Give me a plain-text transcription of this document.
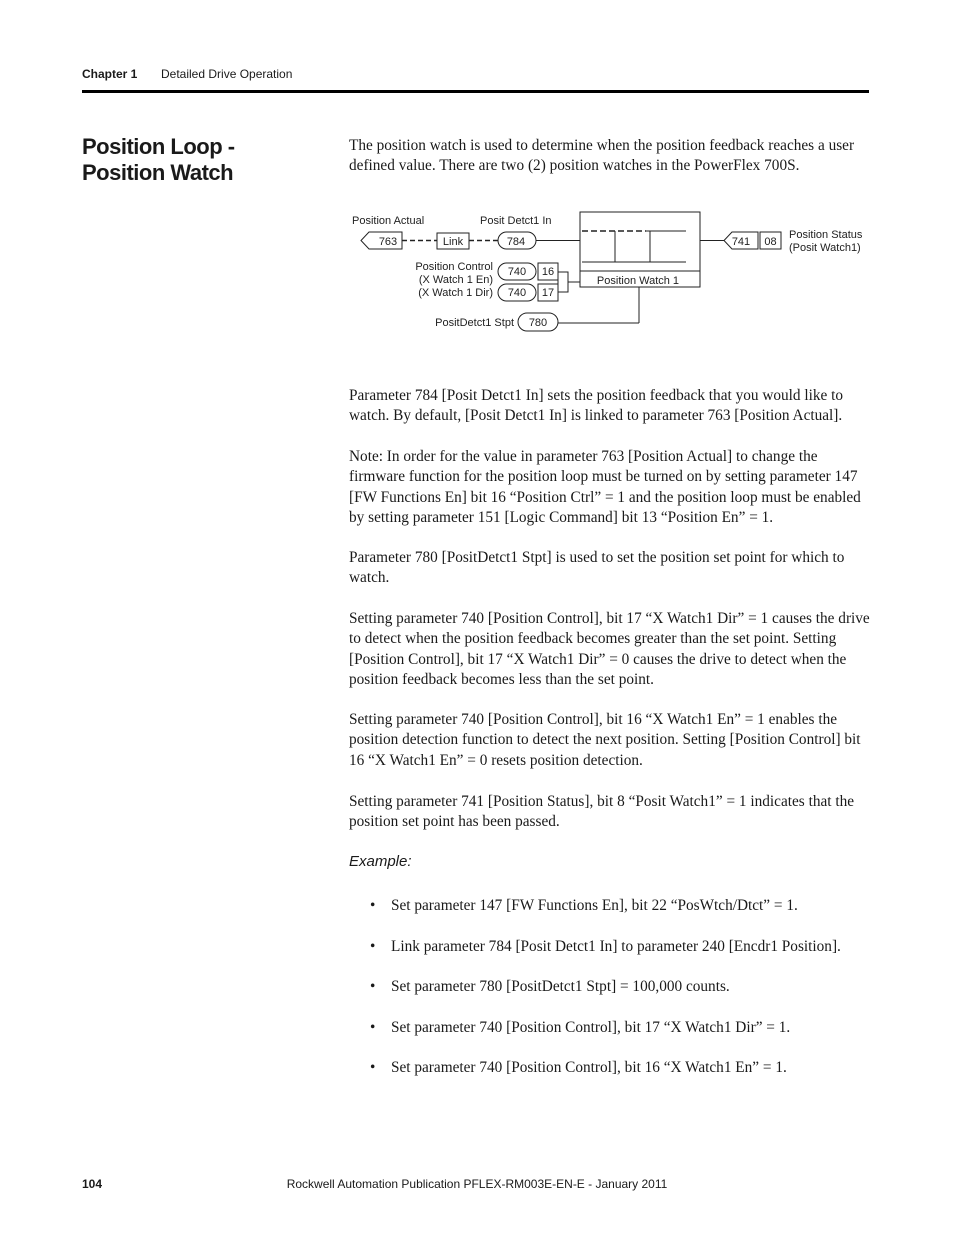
Chapter 1 Detailed Drive Operation
Position Loop - Position Watch

The position watch is used to determine when the position feedback reaches a user defined value. There are two (2) position watches in the PowerFlex 700S.

Position Actual	Posit Detct1 In
763	Link	784
Position Control
(X Watch 1 En)
(X Watch 1 Dir)
740 16
740 17
Position Watch 1
741 08
Position Status
(Posit Watch1)
PositDetct1 Stpt 780

Parameter 784 [Posit Detct1 In] sets the position feedback that you would like to watch. By default, [Posit Detct1 In] is linked to parameter 763 [Position Actual].

Note: In order for the value in parameter 763 [Position Actual] to change the firmware function for the position loop must be turned on by setting parameter 147 [FW Functions En] bit 16 “Position Ctrl” = 1 and the position loop must be enabled by setting parameter 151 [Logic Command] bit 13 “Position En” = 1.

Parameter 780 [PositDetct1 Stpt] is used to set the position set point for which to watch.

Setting parameter 740 [Position Control], bit 17 “X Watch1 Dir” = 1 causes the drive to detect when the position feedback becomes greater than the set point. Setting [Position Control], bit 17 “X Watch1 Dir” = 0 causes the drive to detect when the position feedback becomes less than the set point.

Setting parameter 740 [Position Control], bit 16 “X Watch1 En” = 1 enables the position detection function to detect the next position. Setting [Position Control] bit 16 “X Watch1 En” = 0 resets position detection.

Setting parameter 741 [Position Status], bit 8 “Posit Watch1” = 1 indicates that the position set point has been passed.

Example:
• Set parameter 147 [FW Functions En], bit 22 “PosWtch/Dtct” = 1.
• Link parameter 784 [Posit Detct1 In] to parameter 240 [Encdr1 Position].
• Set parameter 780 [PositDetct1 Stpt] = 100,000 counts.
• Set parameter 740 [Position Control], bit 17 “X Watch1 Dir” = 1.
• Set parameter 740 [Position Control], bit 16 “X Watch1 En” = 1.
Rockwell Automation Publication PFLEX-RM003E-EN-E - January 2011
104
